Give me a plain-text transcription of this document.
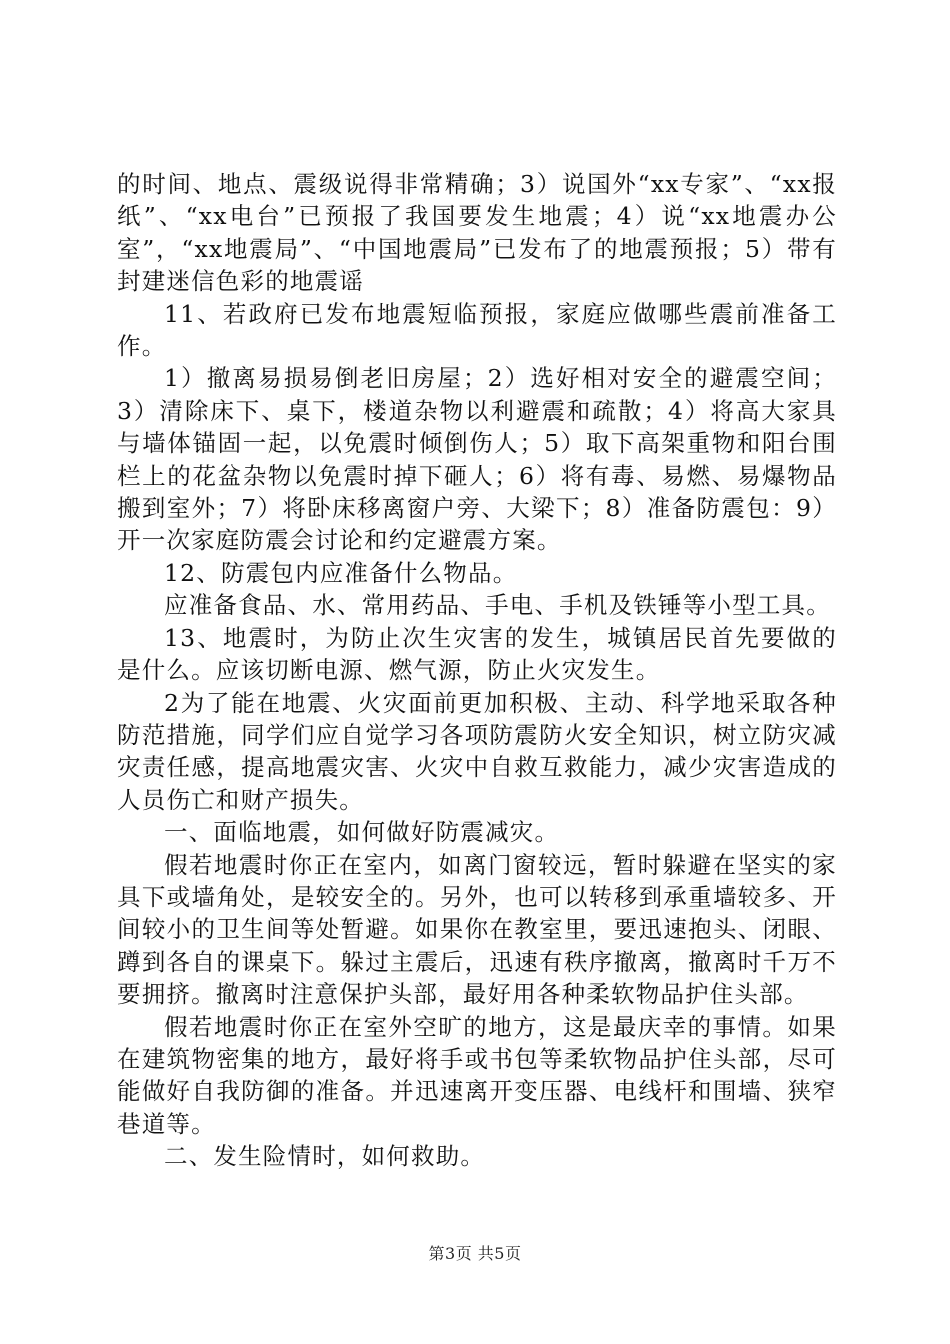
的时间、地点、震级说得非常精确；3）说国外“xx专家”、“xx报纸”、“xx电台”已预报了我国要发生地震；4）说“xx地震办公室”，“xx地震局”、“中国地震局”已发布了的地震预报；5）带有封建迷信色彩的地震谣

11、若政府已发布地震短临预报，家庭应做哪些震前准备工作。

1）撤离易损易倒老旧房屋；2）选好相对安全的避震空间；3）清除床下、桌下，楼道杂物以利避震和疏散；4）将高大家具与墙体锚固一起，以免震时倾倒伤人；5）取下高架重物和阳台围栏上的花盆杂物以免震时掉下砸人；6）将有毒、易燃、易爆物品搬到室外；7）将卧床移离窗户旁、大梁下；8）准备防震包：9）开一次家庭防震会讨论和约定避震方案。

12、防震包内应准备什么物品。

应准备食品、水、常用药品、手电、手机及铁锤等小型工具。

13、地震时，为防止次生灾害的发生，城镇居民首先要做的是什么。应该切断电源、燃气源，防止火灾发生。

2为了能在地震、火灾面前更加积极、主动、科学地采取各种防范措施，同学们应自觉学习各项防震防火安全知识，树立防灾减灾责任感，提高地震灾害、火灾中自救互救能力，减少灾害造成的人员伤亡和财产损失。

一、面临地震，如何做好防震减灾。

假若地震时你正在室内，如离门窗较远，暂时躲避在坚实的家具下或墙角处，是较安全的。另外，也可以转移到承重墙较多、开间较小的卫生间等处暂避。如果你在教室里，要迅速抱头、闭眼、蹲到各自的课桌下。躲过主震后，迅速有秩序撤离，撤离时千万不要拥挤。撤离时注意保护头部，最好用各种柔软物品护住头部。

假若地震时你正在室外空旷的地方，这是最庆幸的事情。如果在建筑物密集的地方，最好将手或书包等柔软物品护住头部，尽可能做好自我防御的准备。并迅速离开变压器、电线杆和围墙、狭窄巷道等。

二、发生险情时，如何救助。

第3页 共5页
